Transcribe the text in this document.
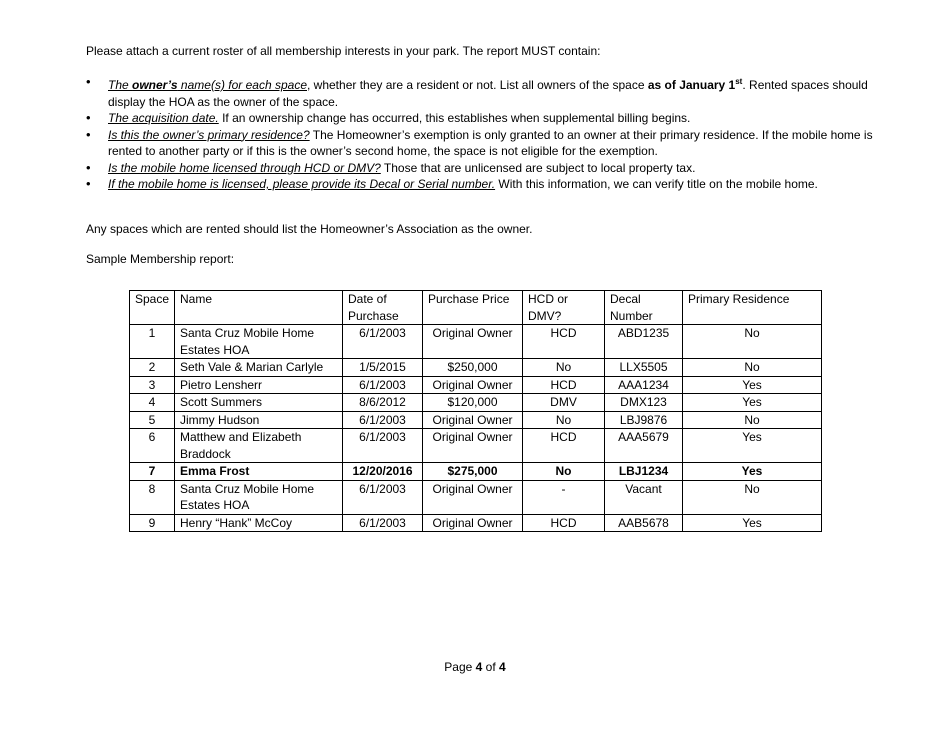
Please attach a current roster of all membership interests in your park. The report MUST contain:
• The owner’s name(s) for each space, whether they are a resident or not. List all owners of the space as of January 1st. Rented spaces should display the HOA as the owner of the space.
• The acquisition date. If an ownership change has occurred, this establishes when supplemental billing begins.
• Is this the owner’s primary residence? The Homeowner’s exemption is only granted to an owner at their primary residence. If the mobile home is rented to another party or if this is the owner’s second home, the space is not eligible for the exemption.
• Is the mobile home licensed through HCD or DMV? Those that are unlicensed are subject to local property tax.
• If the mobile home is licensed, please provide its Decal or Serial number. With this information, we can verify title on the mobile home.
Any spaces which are rented should list the Homeowner’s Association as the owner.
Sample Membership report:
Space	Name	Date of Purchase	Purchase Price	HCD or DMV?	Decal Number	Primary Residence
1	Santa Cruz Mobile Home Estates HOA	6/1/2003	Original Owner	HCD	ABD1235	No
2	Seth Vale & Marian Carlyle	1/5/2015	$250,000	No	LLX5505	No
3	Pietro Lensherr	6/1/2003	Original Owner	HCD	AAA1234	Yes
4	Scott Summers	8/6/2012	$120,000	DMV	DMX123	Yes
5	Jimmy Hudson	6/1/2003	Original Owner	No	LBJ9876	No
6	Matthew and Elizabeth Braddock	6/1/2003	Original Owner	HCD	AAA5679	Yes
7	Emma Frost	12/20/2016	$275,000	No	LBJ1234	Yes
8	Santa Cruz Mobile Home Estates HOA	6/1/2003	Original Owner	-	Vacant	No
9	Henry “Hank” McCoy	6/1/2003	Original Owner	HCD	AAB5678	Yes
Page 4 of 4
